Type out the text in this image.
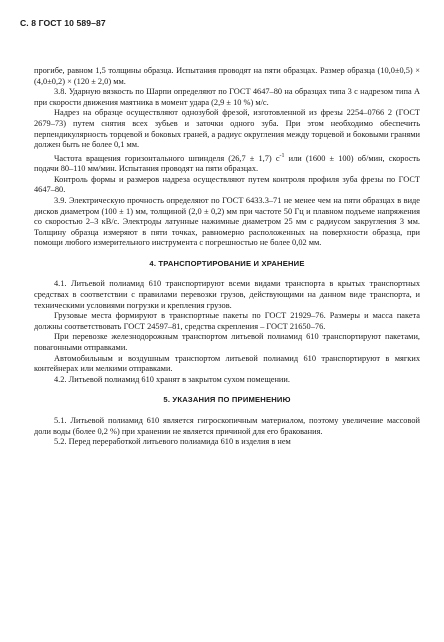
С. 8 ГОСТ 10 589–87

прогибе, равном 1,5 толщины образца. Испытания проводят на пяти образцах. Размер образца (10,0±0,5) × (4,0±0,2) × (120 ± 2,0) мм.

3.8. Ударную вязкость по Шарпи определяют по ГОСТ 4647–80 на образцах типа 3 с надрезом типа А при скорости движения маятника в момент удара (2,9 ± 10 %) м/с.

Надрез на образце осуществляют однозубой фрезой, изготовленной из фрезы 2254–0766 2 (ГОСТ 2679–73) путем снятия всех зубьев и заточки одного зуба. При этом необходимо обеспечить перпендикулярность торцевой и боковых граней, а радиус округления между торцевой и боковыми гранями должен быть не более 0,1 мм.

Частота вращения горизонтального шпинделя (26,7 ± 1,7) $с^{-1}$ или (1600 ± 100) об/мин, скорость подачи 80–110 мм/мин. Испытания проводят на пяти образцах.

Контроль формы и размеров надреза осуществляют путем контроля профиля зуба фрезы по ГОСТ 4647–80.

3.9. Электрическую прочность определяют по ГОСТ 6433.3–71 не менее чем на пяти образцах в виде дисков диаметром (100 ± 1) мм, толщиной (2,0 ± 0,2) мм при частоте 50 Гц и плавном подъеме напряжения со скоростью 2–3 кВ/с. Электроды латунные нажимные диаметром 25 мм с радиусом закругления 3 мм. Толщину образца измеряют в пяти точках, равномерно расположенных на поверхности образца, при помощи любого измерительного инструмента с погрешностью не более 0,02 мм.

4. ТРАНСПОРТИРОВАНИЕ И ХРАНЕНИЕ

4.1. Литьевой полиамид 610 транспортируют всеми видами транспорта в крытых транспортных средствах в соответствии с правилами перевозки грузов, действующими на данном виде транспорта, и техническими условиями погрузки и крепления грузов.

Грузовые места формируют в транспортные пакеты по ГОСТ 21929–76. Размеры и масса пакета должны соответствовать ГОСТ 24597–81, средства скрепления – ГОСТ 21650–76.

При перевозке железнодорожным транспортом литьевой полиамид 610 транспортируют пакетами, повагонными отправками.

Автомобильным и воздушным транспортом литьевой полиамид 610 транспортируют в мягких контейнерах или мелкими отправками.

4.2. Литьевой полиамид 610 хранят в закрытом сухом помещении.

5. УКАЗАНИЯ ПО ПРИМЕНЕНИЮ

5.1. Литьевой полиамид 610 является гигроскопичным материалом, поэтому увеличение массовой доли воды (более 0,2 %) при хранении не является причиной для его бракования.

5.2. Перед переработкой литьевого полиамида 610 в изделия в нем
